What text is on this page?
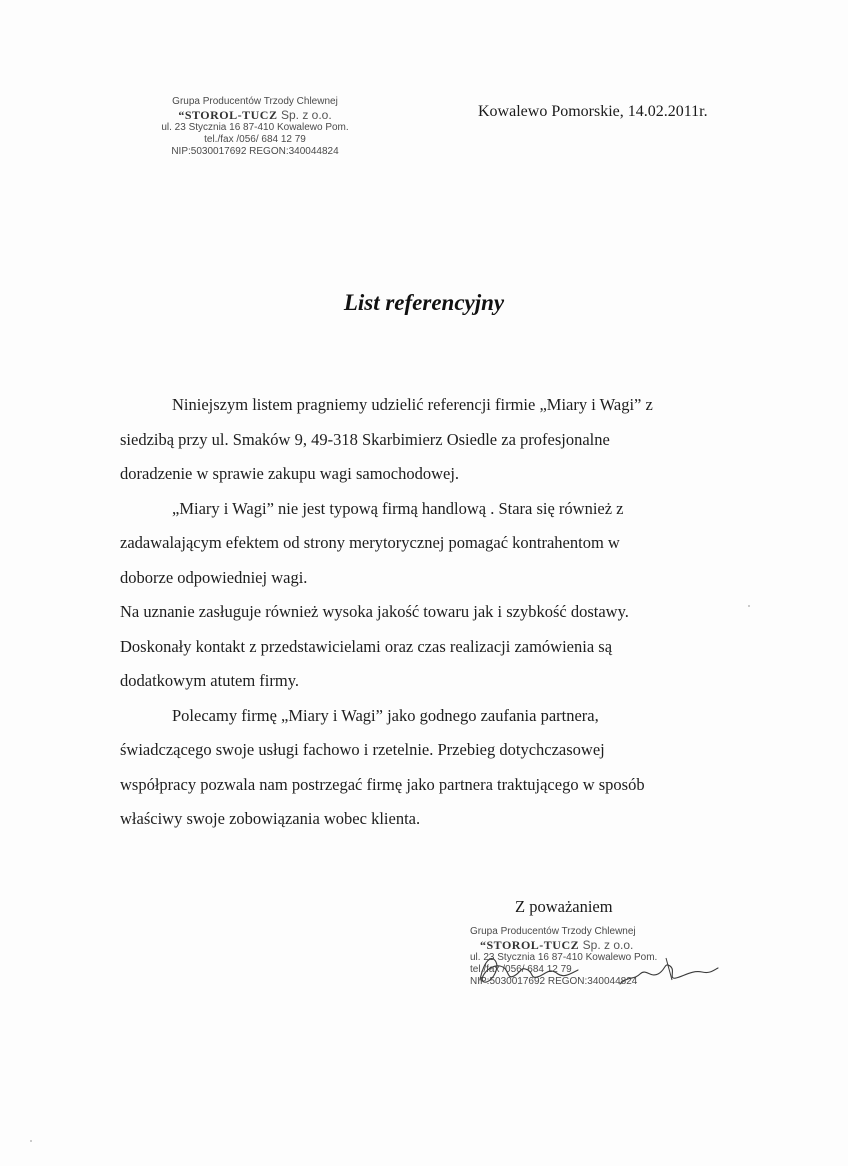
Grupa Producentów Trzody Chlewnej
“STOROL-TUCZ Sp. z o.o.
ul. 23 Stycznia 16 87-410 Kowalewo Pom.
tel./fax /056/ 684 12 79
NIP:5030017692 REGON:340044824
Kowalewo Pomorskie, 14.02.2011r.
List referencyjny

Niniejszym listem pragniemy udzielić referencji firmie „Miary i Wagi” z
siedzibą przy ul. Smaków 9, 49-318 Skarbimierz Osiedle za profesjonalne
doradzenie w sprawie zakupu wagi samochodowej.

„Miary i Wagi” nie jest typową firmą handlową . Stara się również z
zadawalającym efektem od strony merytorycznej pomagać kontrahentom w
doborze odpowiedniej wagi.

Na uznanie zasługuje również wysoka jakość towaru jak i szybkość dostawy.
Doskonały kontakt z przedstawicielami oraz czas realizacji zamówienia są
dodatkowym atutem firmy.

Polecamy firmę „Miary i Wagi” jako godnego zaufania partnera,
świadczącego swoje usługi fachowo i rzetelnie. Przebieg dotychczasowej
współpracy pozwala nam postrzegać firmę jako partnera traktującego w sposób
właściwy swoje zobowiązania wobec klienta.

Z poważaniem
Grupa Producentów Trzody Chlewnej
“STOROL-TUCZ Sp. z o.o.
ul. 23 Stycznia 16 87-410 Kowalewo Pom.
tel./fax /056/ 684 12 79
NIP:5030017692 REGON:340044824
